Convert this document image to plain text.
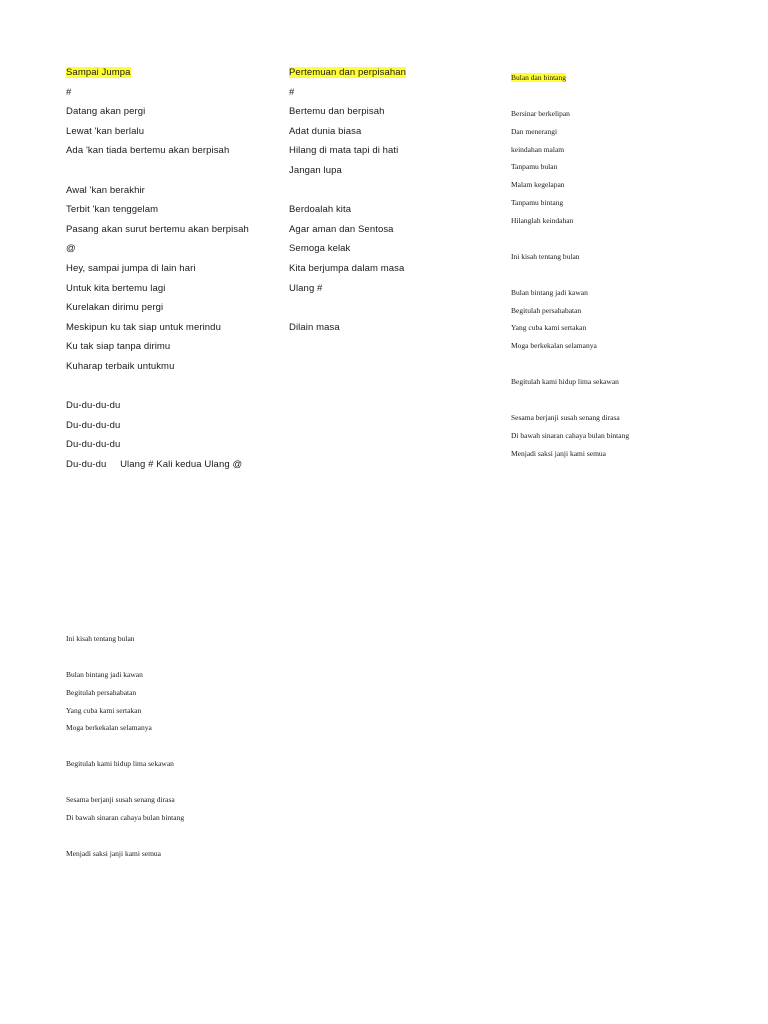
Sampai Jumpa
#
Datang akan pergi
Lewat 'kan berlalu
Ada 'kan tiada bertemu akan berpisah
Awal 'kan berakhir
Terbit 'kan tenggelam
Pasang akan surut bertemu akan berpisah
@
Hey, sampai jumpa di lain hari
Untuk kita bertemu lagi
Kurelakan dirimu pergi
Meskipun ku tak siap untuk merindu
Ku tak siap tanpa dirimu
Kuharap terbaik untukmu
Du-du-du-du
Du-du-du-du
Du-du-du-du
Du-du-du     Ulang # Kali kedua Ulang @
Pertemuan dan perpisahan
#
Bertemu dan berpisah
Adat dunia biasa
Hilang di mata tapi di hati
Jangan lupa
Berdoalah kita
Agar aman dan Sentosa
Semoga kelak
Kita berjumpa dalam masa
Ulang #
Dilain masa
Bulan dan bintang
Bersinar berkelipan
Dan menerangi
keindahan malam
Tanpamu bulan
Malam kegelapan
Tanpamu bintang
Hilanglah keindahan
Ini kisah tentang bulan
Bulan bintang jadi kawan
Begitulah persahabatan
Yang cuba kami sertakan
Moga berkekalan selamanya
Begitulah kami hidup lima sekawan
Sesama berjanji susah senang dirasa
Di bawah sinaran cahaya bulan bintang
Menjadi saksi janji kami semua
Ini kisah tentang bulan
Bulan bintang jadi kawan
Begitulah persahabatan
Yang cuba kami sertakan
Moga berkekalan selamanya
Begitulah kami hidup lima sekawan
Sesama berjanji susah senang dirasa
Di bawah sinaran cahaya bulan bintang
Menjadi saksi janji kami semua
